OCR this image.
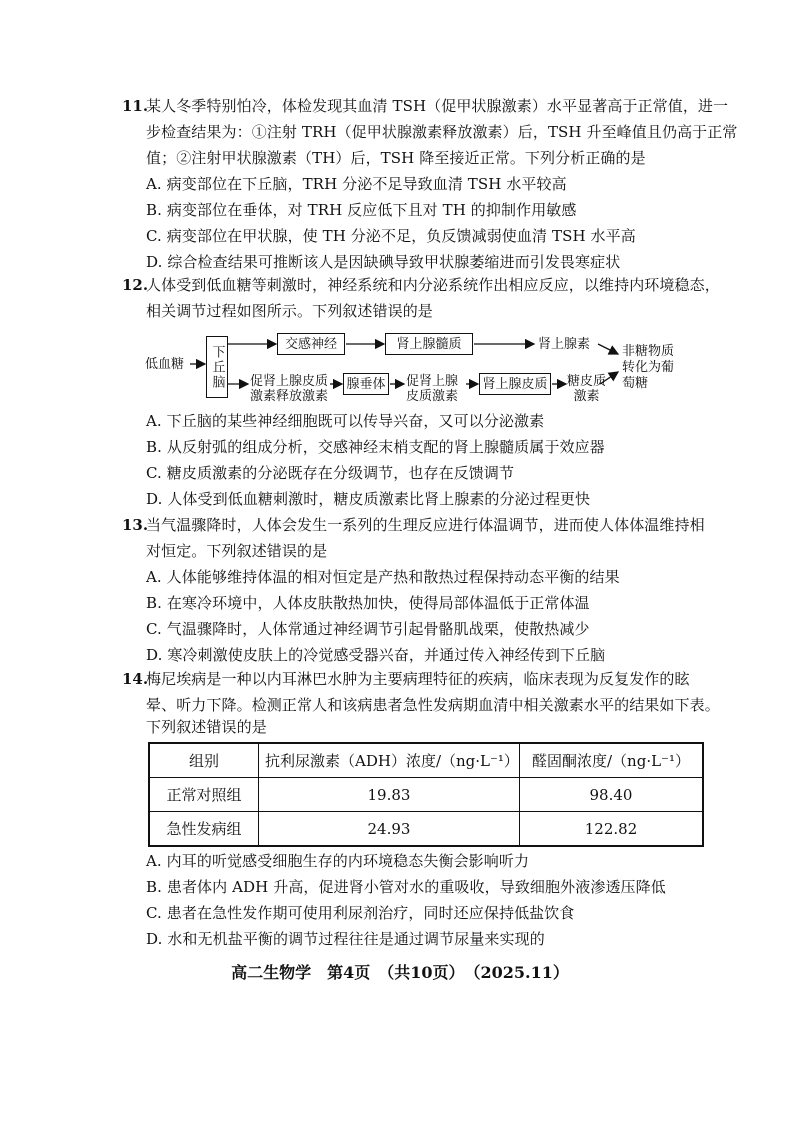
11.
某人冬季特别怕冷，体检发现其血清 TSH（促甲状腺激素）水平显著高于正常值，进一
步检查结果为：①注射 TRH（促甲状腺激素释放激素）后，TSH 升至峰值且仍高于正常
值；②注射甲状腺激素（TH）后，TSH 降至接近正常。下列分析正确的是
A. 病变部位在下丘脑，TRH 分泌不足导致血清 TSH 水平较高
B. 病变部位在垂体，对 TRH 反应低下且对 TH 的抑制作用敏感
C. 病变部位在甲状腺，使 TH 分泌不足，负反馈减弱使血清 TSH 水平高
D. 综合检查结果可推断该人是因缺碘导致甲状腺萎缩进而引发畏寒症状
12.
人体受到低血糖等刺激时，神经系统和内分泌系统作出相应反应，以维持内环境稳态，
相关调节过程如图所示。下列叙述错误的是
低血糖 下丘脑
交感神经	肾上腺髓质	肾上腺素
促肾上腺皮质
激素释放激素
腺垂体 促肾上腺
皮质激素
肾上腺皮质 糖皮质
激素
非糖物质
转化为葡
萄糖
A. 下丘脑的某些神经细胞既可以传导兴奋，又可以分泌激素
B. 从反射弧的组成分析，交感神经末梢支配的肾上腺髓质属于效应器
C. 糖皮质激素的分泌既存在分级调节，也存在反馈调节
D. 人体受到低血糖刺激时，糖皮质激素比肾上腺素的分泌过程更快
13.
当气温骤降时，人体会发生一系列的生理反应进行体温调节，进而使人体体温维持相
对恒定。下列叙述错误的是
A. 人体能够维持体温的相对恒定是产热和散热过程保持动态平衡的结果
B. 在寒冷环境中，人体皮肤散热加快，使得局部体温低于正常体温
C. 气温骤降时，人体常通过神经调节引起骨骼肌战栗，使散热减少
D. 寒冷刺激使皮肤上的冷觉感受器兴奋，并通过传入神经传到下丘脑
14.
梅尼埃病是一种以内耳淋巴水肿为主要病理特征的疾病，临床表现为反复发作的眩
晕、听力下降。检测正常人和该病患者急性发病期血清中相关激素水平的结果如下表。
下列叙述错误的是
组别	抗利尿激素（ADH）浓度/（ng·L⁻¹）	醛固酮浓度/（ng·L⁻¹）
正常对照组	19.83	98.40
急性发病组	24.93	122.82
A. 内耳的听觉感受细胞生存的内环境稳态失衡会影响听力
B. 患者体内 ADH 升高，促进肾小管对水的重吸收，导致细胞外液渗透压降低
C. 患者在急性发作期可使用利尿剂治疗，同时还应保持低盐饮食
D. 水和无机盐平衡的调节过程往往是通过调节尿量来实现的
高二生物学　第4页　（共10页）　（2025.11）
